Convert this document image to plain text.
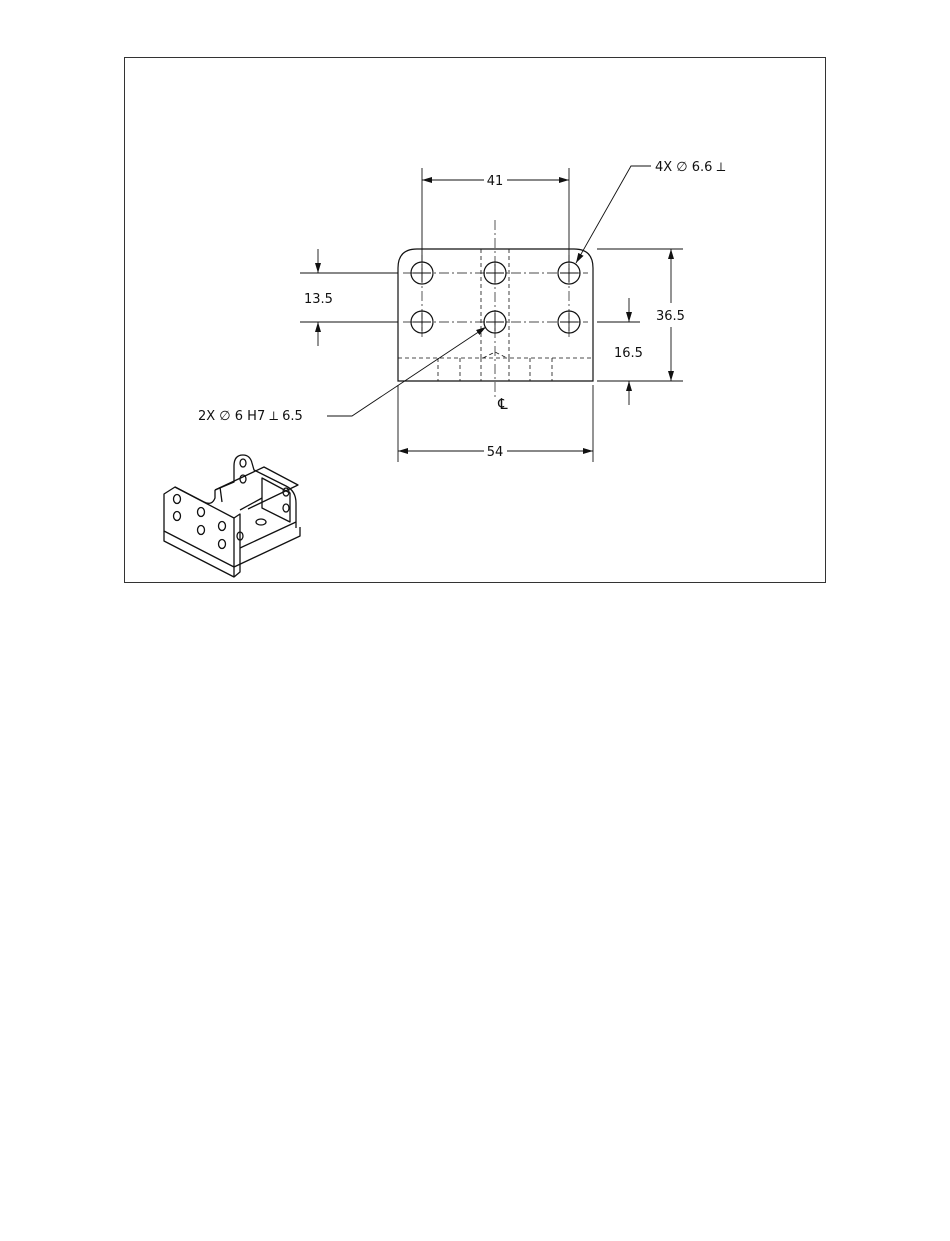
41
13.5
36.5
16.5
54
4X ∅ 6.6 ⟂
2X ∅ 6 H7 ⟂ 6.5
℄
